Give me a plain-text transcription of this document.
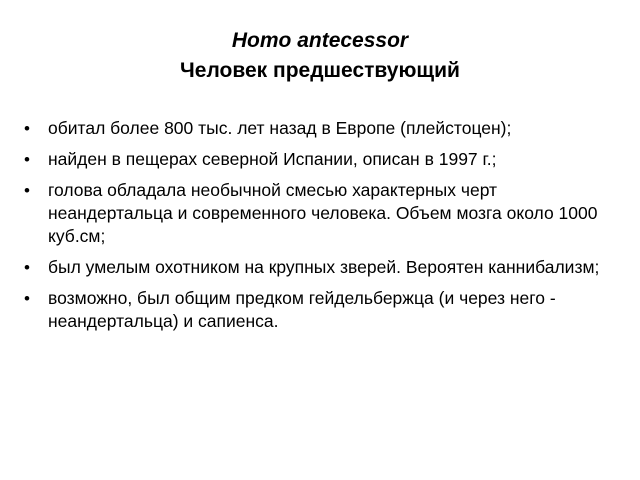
Homo antecessor
Человек предшествующий
• обитал более 800 тыс. лет назад в Европе (плейстоцен);
• найден в пещерах северной Испании, описан в 1997 г.;
• голова обладала необычной смесью характерных черт неандертальца и современного человека. Объем мозга около 1000 куб.см;
• был умелым охотником на крупных зверей. Вероятен каннибализм;
• возможно, был общим предком гейдельбержца (и через него - неандертальца) и сапиенса.
